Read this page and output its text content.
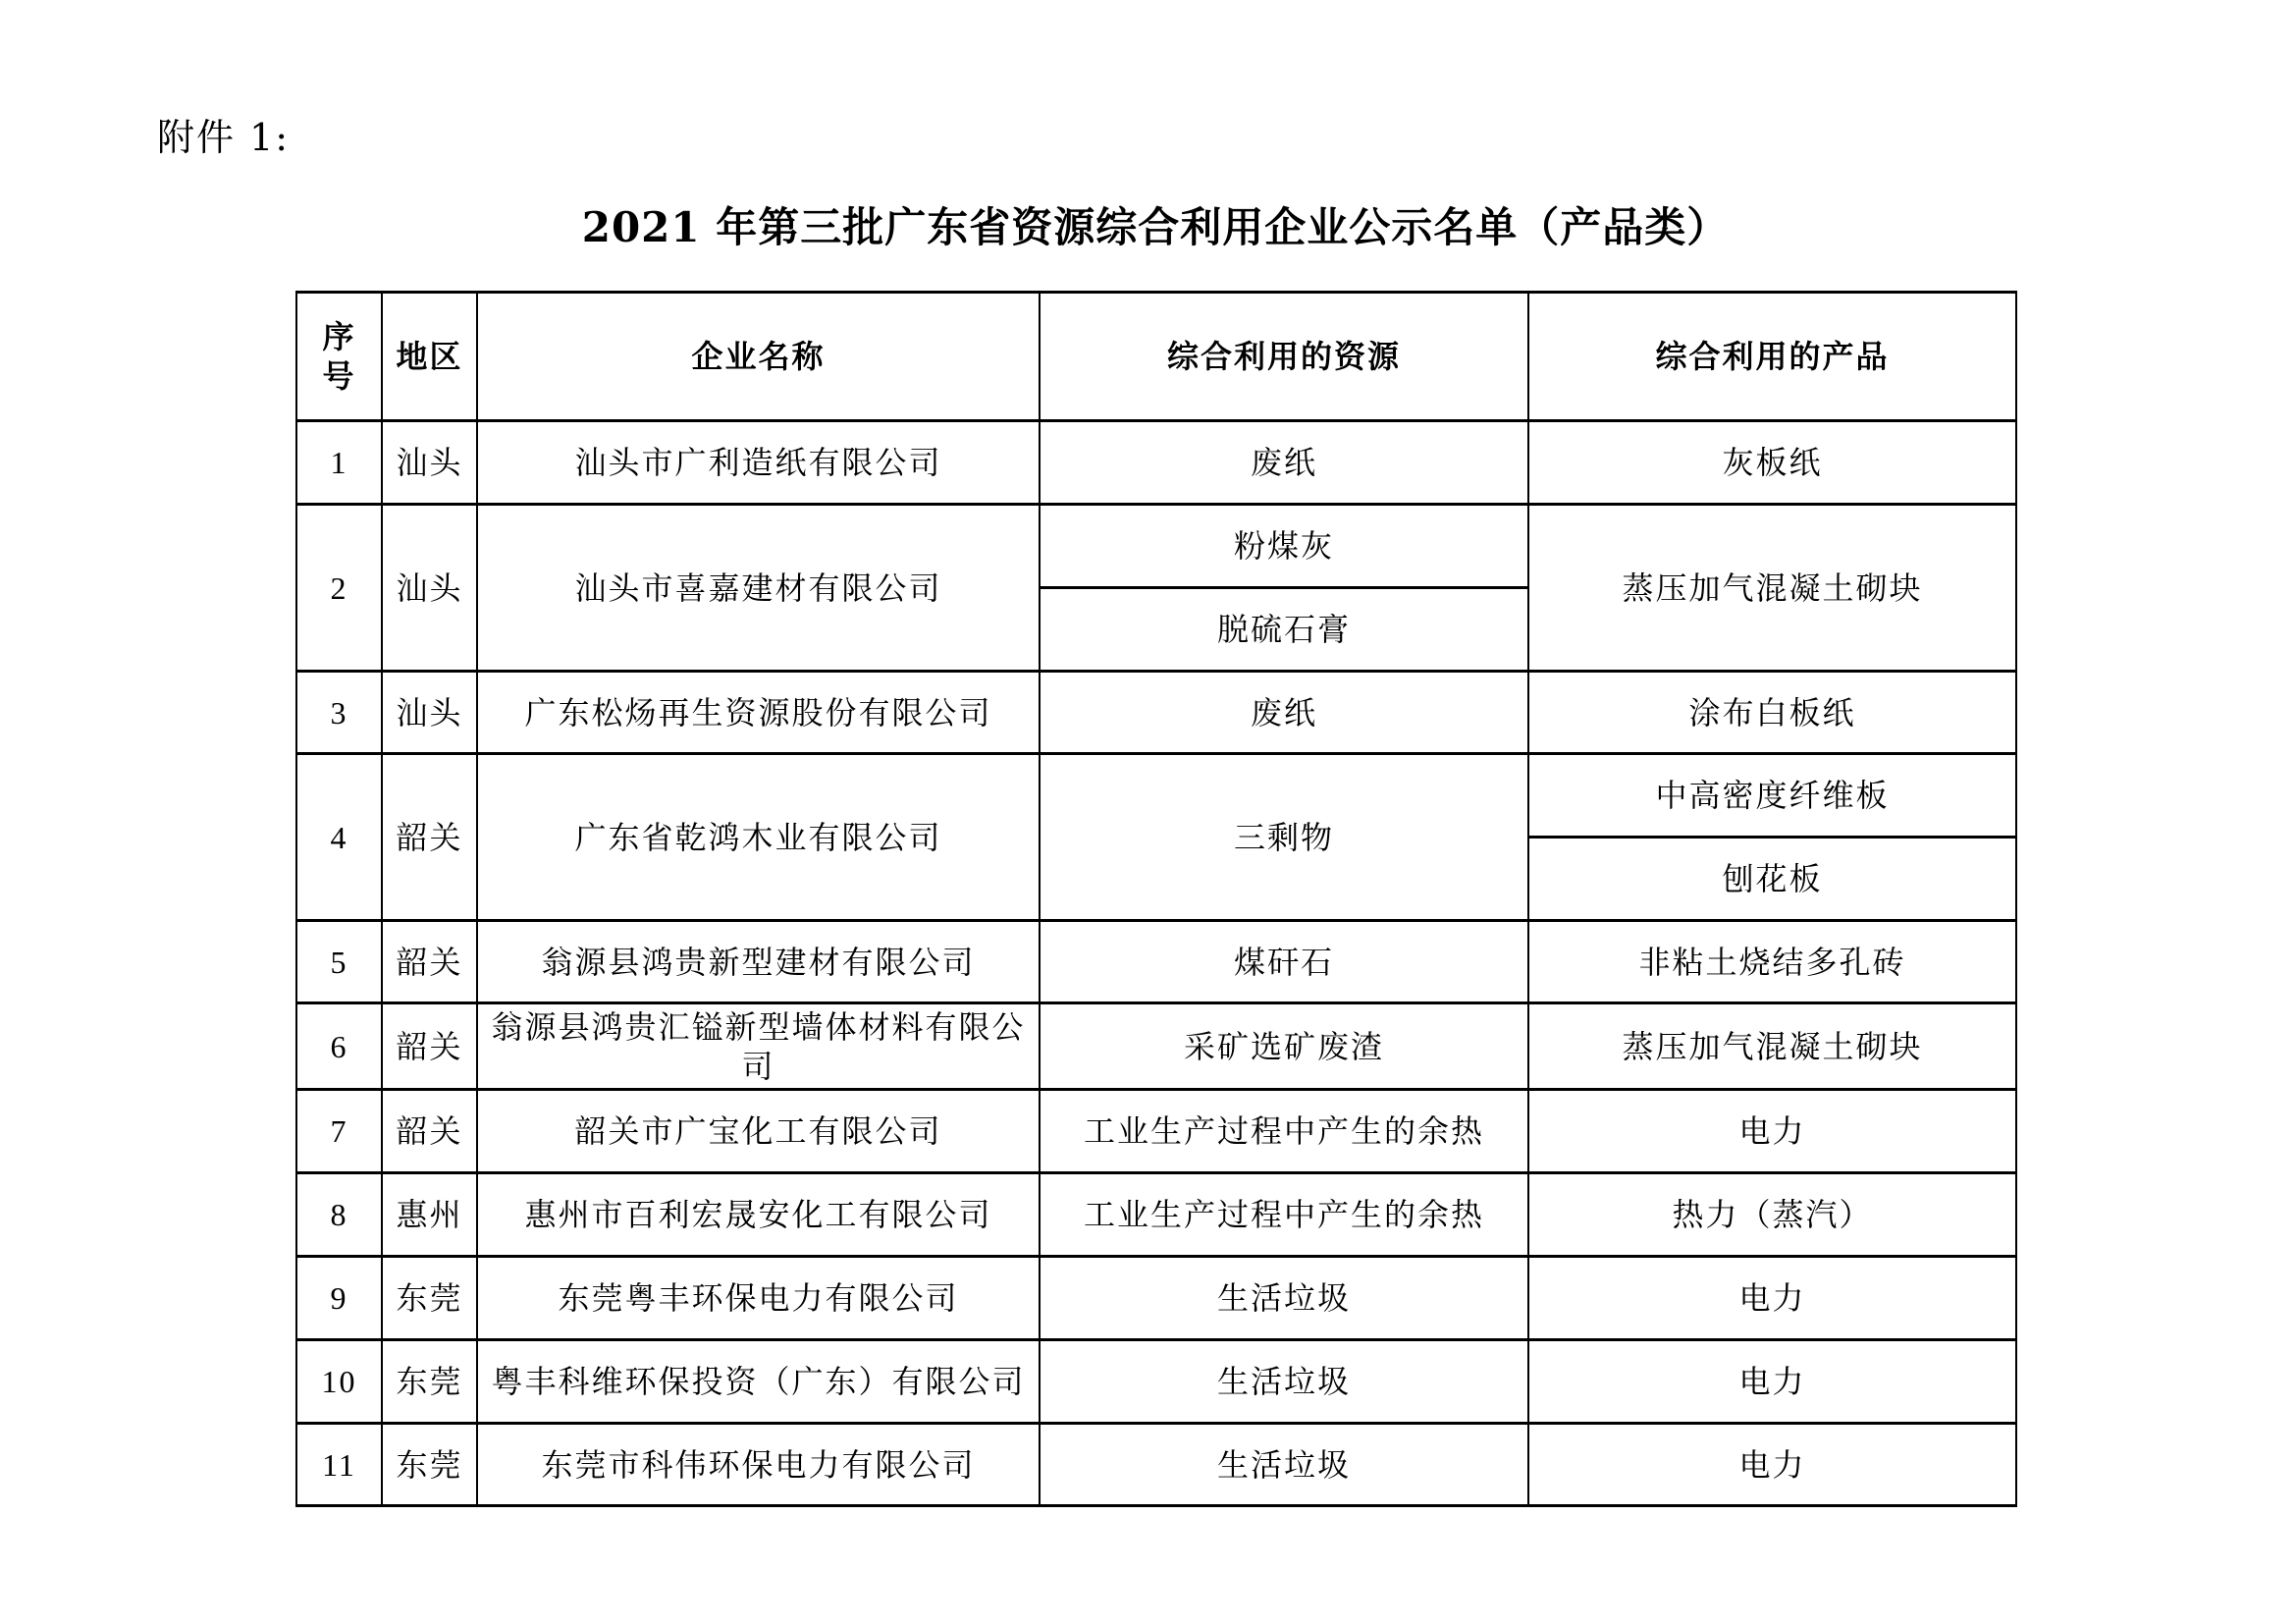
附件 1:
2021 年第三批广东省资源综合利用企业公示名单（产品类）
序
号	地区	企业名称	综合利用的资源	综合利用的产品
1	汕头	汕头市广利造纸有限公司	废纸	灰板纸
2	汕头	汕头市喜嘉建材有限公司	粉煤灰	蒸压加气混凝土砌块
			脱硫石膏	
3	汕头	广东松炀再生资源股份有限公司	废纸	涂布白板纸
4	韶关	广东省乾鸿木业有限公司	三剩物	中高密度纤维板
				刨花板
5	韶关	翁源县鸿贵新型建材有限公司	煤矸石	非粘土烧结多孔砖
6	韶关	翁源县鸿贵汇镒新型墙体材料有限公司	采矿选矿废渣	蒸压加气混凝土砌块
7	韶关	韶关市广宝化工有限公司	工业生产过程中产生的余热	电力
8	惠州	惠州市百利宏晟安化工有限公司	工业生产过程中产生的余热	热力（蒸汽）
9	东莞	东莞粤丰环保电力有限公司	生活垃圾	电力
10	东莞	粤丰科维环保投资（广东）有限公司	生活垃圾	电力
11	东莞	东莞市科伟环保电力有限公司	生活垃圾	电力
